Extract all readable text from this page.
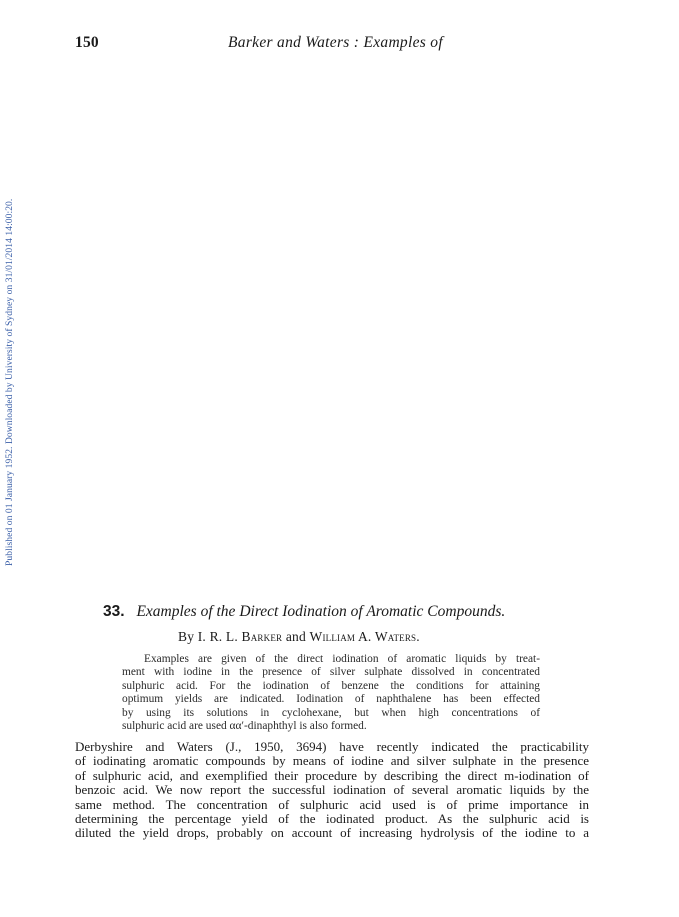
150	Barker and Waters : Examples of
Published on 01 January 1952. Downloaded by University of Sydney on 31/01/2014 14:00:20.
33. Examples of the Direct Iodination of Aromatic Compounds.
By I. R. L. Barker and William A. Waters.
Examples are given of the direct iodination of aromatic liquids by treat-
ment with iodine in the presence of silver sulphate dissolved in concentrated
sulphuric acid. For the iodination of benzene the conditions for attaining
optimum yields are indicated. Iodination of naphthalene has been effected
by using its solutions in cyclohexane, but when high concentrations of
sulphuric acid are used αα′-dinaphthyl is also formed.
Derbyshire and Waters (J., 1950, 3694) have recently indicated the practicability
of iodinating aromatic compounds by means of iodine and silver sulphate in the presence
of sulphuric acid, and exemplified their procedure by describing the direct m-iodination of
benzoic acid. We now report the successful iodination of several aromatic liquids by the
same method. The concentration of sulphuric acid used is of prime importance in
determining the percentage yield of the iodinated product. As the sulphuric acid is
diluted the yield drops, probably on account of increasing hydrolysis of the iodine to a
